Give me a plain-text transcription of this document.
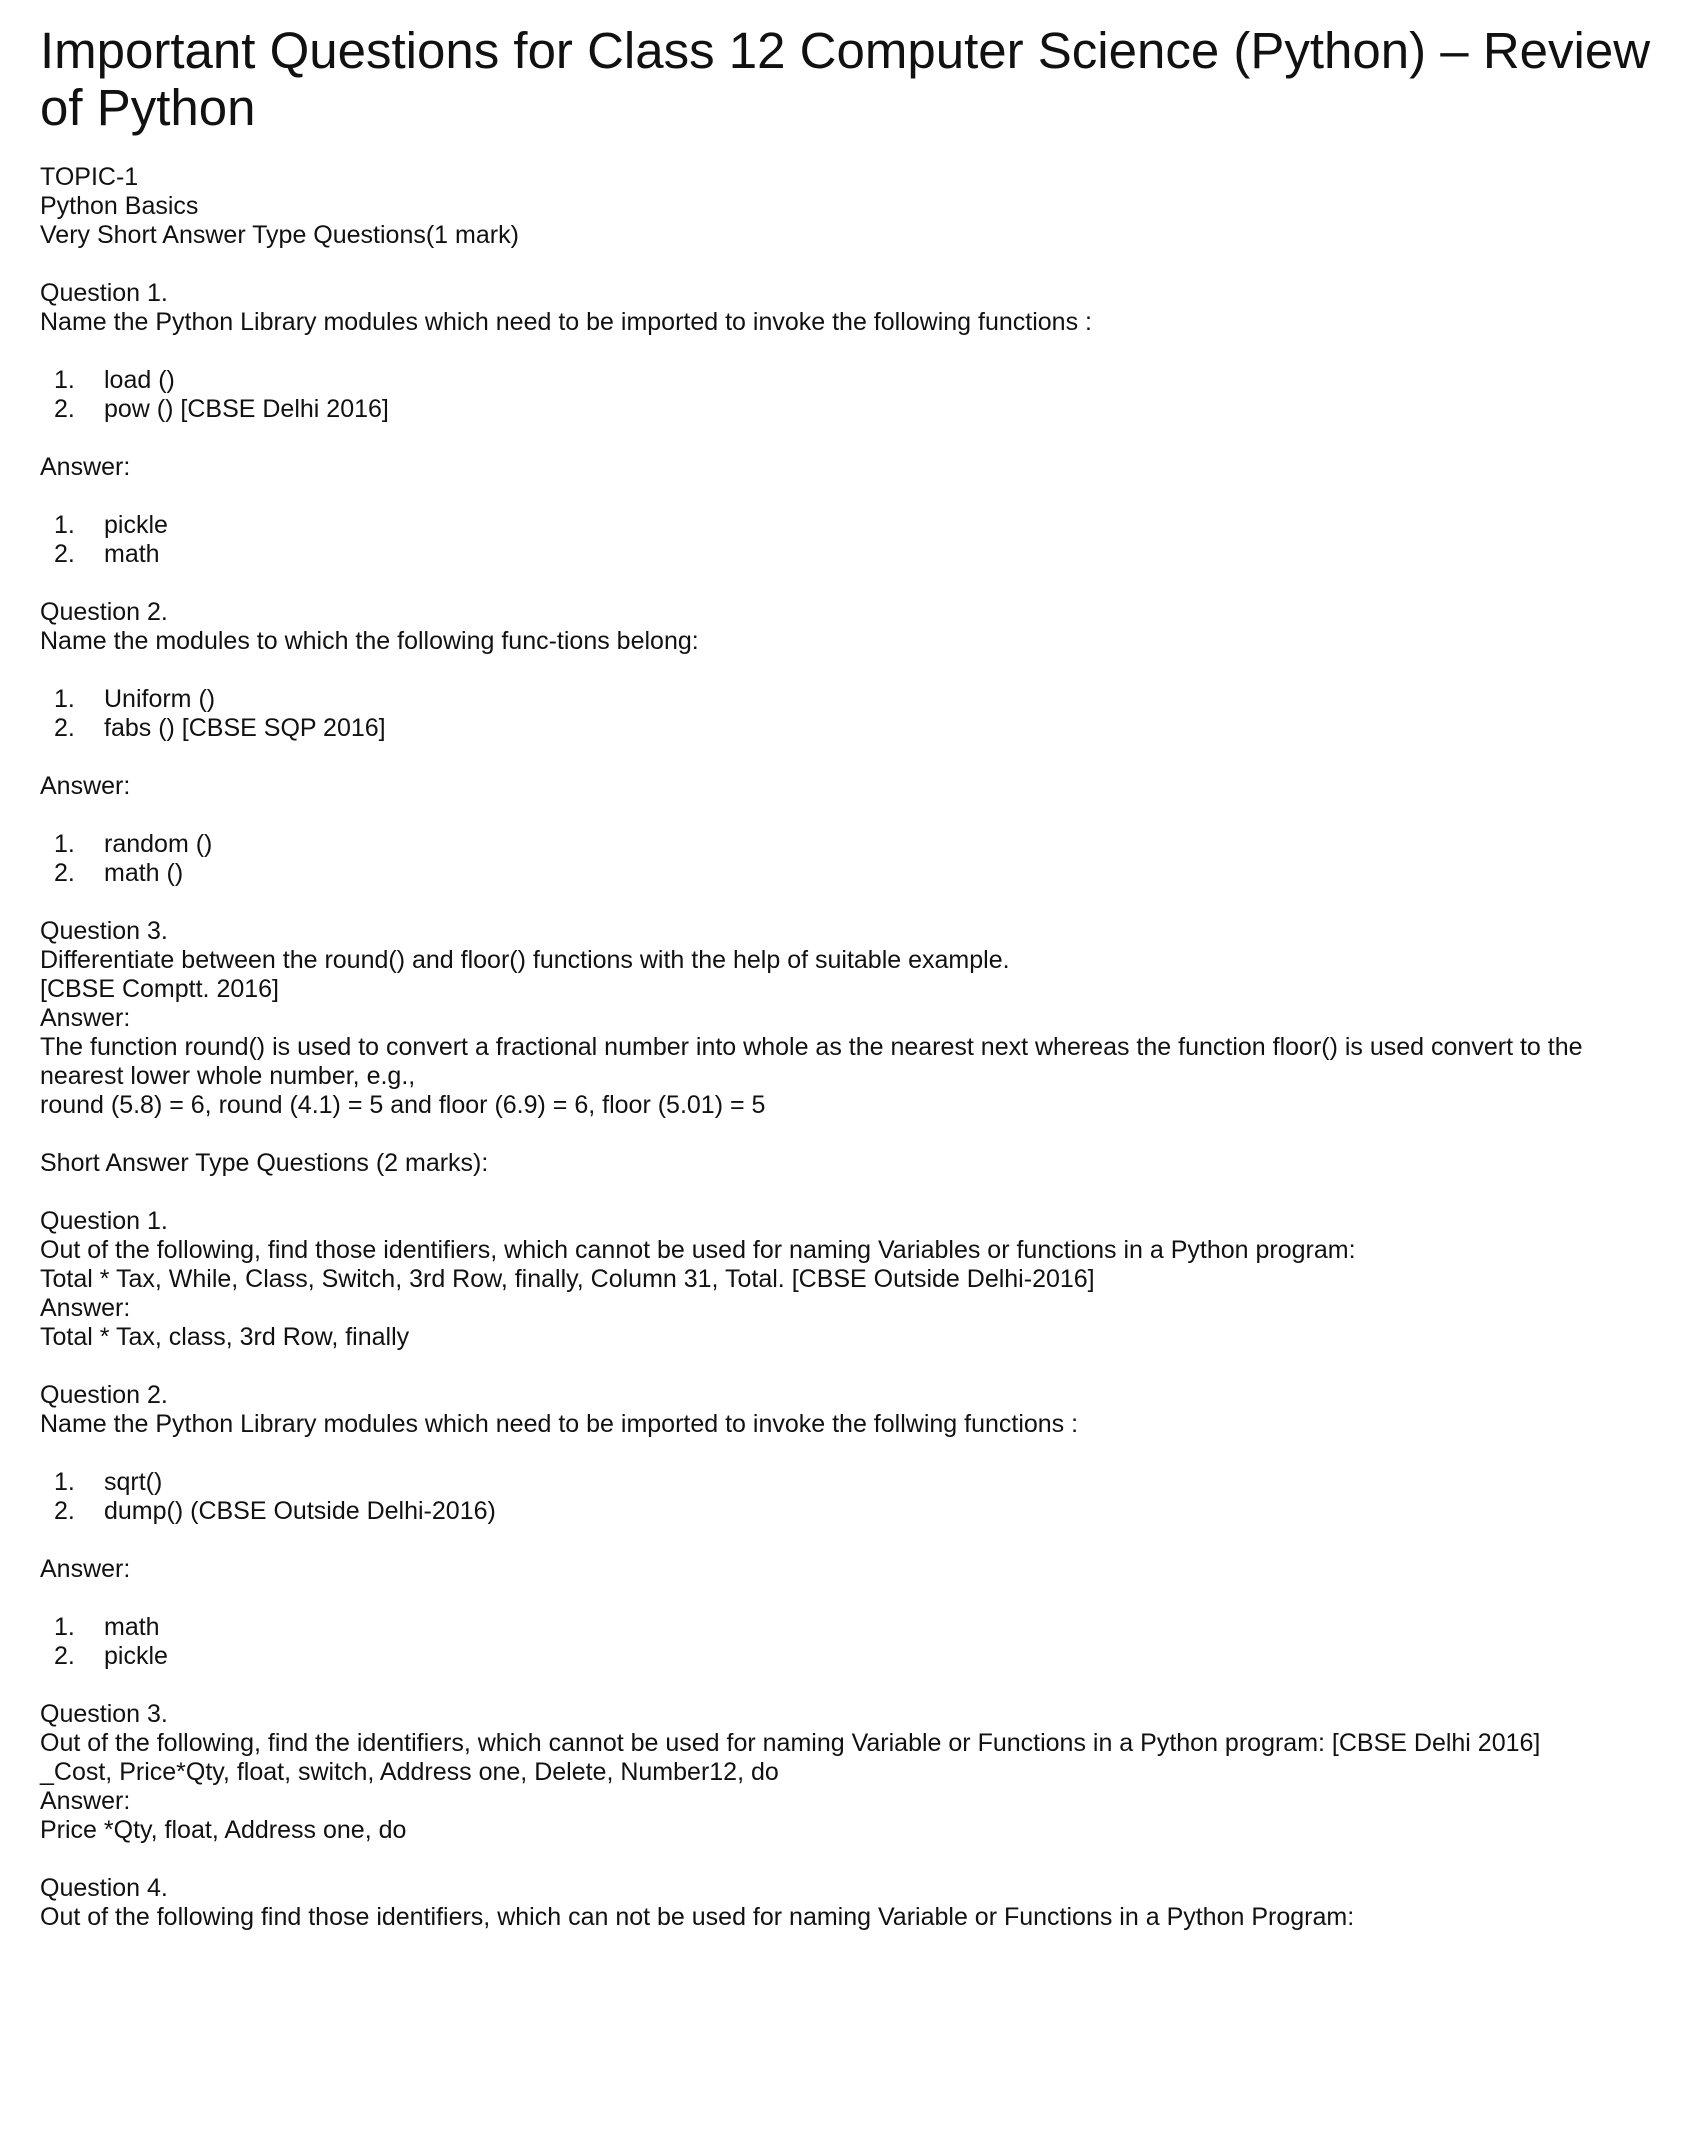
Important Questions for Class 12 Computer Science (Python) – Review of Python
TOPIC-1
Python Basics
Very Short Answer Type Questions(1 mark)
Question 1.
Name the Python Library modules which need to be imported to invoke the following functions :
1.	load ()
2.	pow () [CBSE Delhi 2016]
Answer:
1.	pickle
2.	math
Question 2.
Name the modules to which the following func-tions belong:
1.	Uniform ()
2.	fabs () [CBSE SQP 2016]
Answer:
1.	random ()
2.	math ()
Question 3.
Differentiate between the round() and floor() functions with the help of suitable example.
[CBSE Comptt. 2016]
Answer:
The function round() is used to convert a fractional number into whole as the nearest next whereas the function floor() is used convert to the nearest lower whole number, e.g.,
round (5.8) = 6, round (4.1) = 5 and floor (6.9) = 6, floor (5.01) = 5
Short Answer Type Questions (2 marks):
Question 1.
Out of the following, find those identifiers, which cannot be used for naming Variables or functions in a Python program:
Total * Tax, While, Class, Switch, 3rd Row, finally, Column 31, Total. [CBSE Outside Delhi-2016]
Answer:
Total * Tax, class, 3rd Row, finally
Question 2.
Name the Python Library modules which need to be imported to invoke the follwing functions :
1.	sqrt()
2.	dump() (CBSE Outside Delhi-2016)
Answer:
1.	math
2.	pickle
Question 3.
Out of the following, find the identifiers, which cannot be used for naming Variable or Functions in a Python program: [CBSE Delhi 2016]
_Cost, Price*Qty, float, switch, Address one, Delete, Number12, do
Answer:
Price *Qty, float, Address one, do
Question 4.
Out of the following find those identifiers, which can not be used for naming Variable or Functions in a Python Program:
